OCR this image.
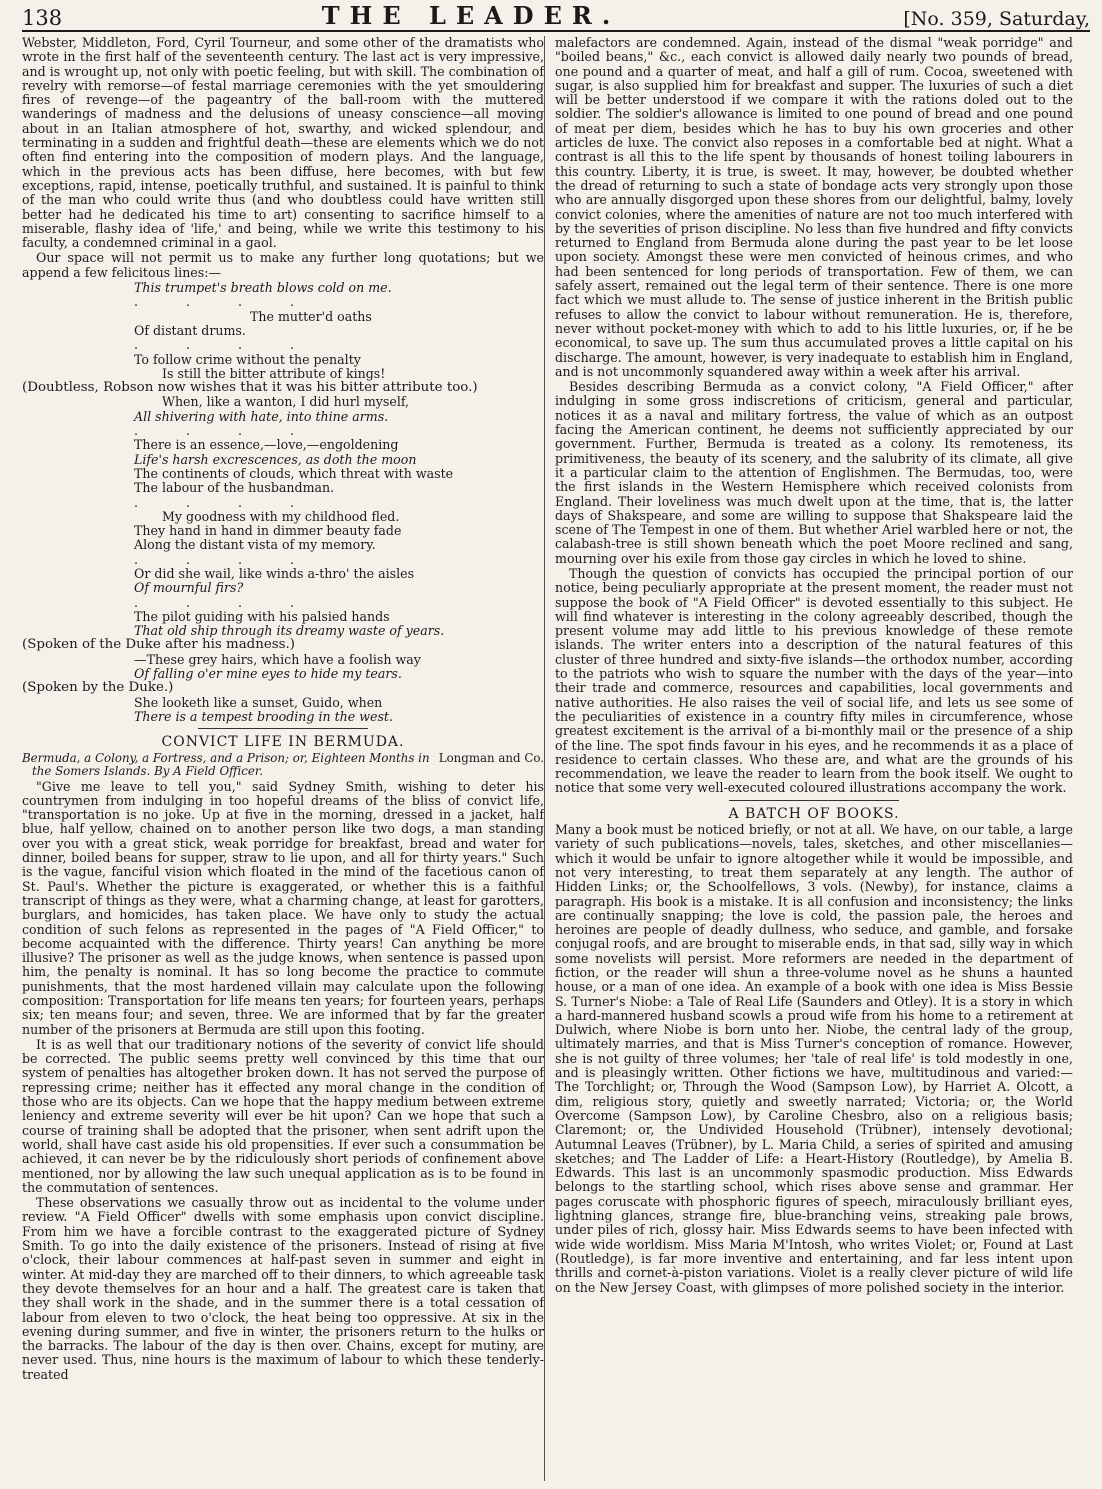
138	THE LEADER.	[No. 359, Saturday,

Webster, Middleton, Ford, Cyril Tourneur, and some other of the dramatists who wrote in the first half of the seventeenth century. The last act is very impressive, and is wrought up, not only with poetic feeling, but with skill. The combination of revelry with remorse—of festal marriage ceremonies with the yet smouldering fires of revenge—of the pageantry of the ball-room with the muttered wanderings of madness and the delusions of uneasy conscience—all moving about in an Italian atmosphere of hot, swarthy, and wicked splendour, and terminating in a sudden and frightful death—these are elements which we do not often find entering into the composition of modern plays. And the language, which in the previous acts has been diffuse, here becomes, with but few exceptions, rapid, intense, poetically truthful, and sustained. It is painful to think of the man who could write thus (and who doubtless could have written still better had he dedicated his time to art) consenting to sacrifice himself to a miserable, flashy idea of 'life,' and being, while we write this testimony to his faculty, a condemned criminal in a gaol.

Our space will not permit us to make any further long quotations; but we append a few felicitous lines:—

This trumpet's breath blows cold on me.
. . . .
The mutter'd oaths
Of distant drums.
. . . .
To follow crime without the penalty
Is still the bitter attribute of kings!
(Doubtless, Robson now wishes that it was his bitter attribute too.)
When, like a wanton, I did hurl myself,
All shivering with hate, into thine arms.
. . . .
There is an essence,—love,—engoldening
Life's harsh excrescences, as doth the moon
The continents of clouds, which threat with waste
The labour of the husbandman.
. . . .
My goodness with my childhood fled.
They hand in hand in dimmer beauty fade
Along the distant vista of my memory.
. . . .
Or did she wail, like winds a-thro' the aisles
Of mournful firs?
. . . .
The pilot guiding with his palsied hands
That old ship through its dreamy waste of years.
(Spoken of the Duke after his madness.)
—These grey hairs, which have a foolish way
Of falling o'er mine eyes to hide my tears.
(Spoken by the Duke.)
She looketh like a sunset, Guido, when
There is a tempest brooding in the west.
CONVICT LIFE IN BERMUDA.
Longman and Co.
Bermuda, a Colony, a Fortress, and a Prison; or, Eighteen Months in the Somers Islands. By A Field Officer.

"Give me leave to tell you," said Sydney Smith, wishing to deter his countrymen from indulging in too hopeful dreams of the bliss of convict life, "transportation is no joke. Up at five in the morning, dressed in a jacket, half blue, half yellow, chained on to another person like two dogs, a man standing over you with a great stick, weak porridge for breakfast, bread and water for dinner, boiled beans for supper, straw to lie upon, and all for thirty years." Such is the vague, fanciful vision which floated in the mind of the facetious canon of St. Paul's. Whether the picture is exaggerated, or whether this is a faithful transcript of things as they were, what a charming change, at least for garotters, burglars, and homicides, has taken place. We have only to study the actual condition of such felons as represented in the pages of "A Field Officer," to become acquainted with the difference. Thirty years! Can anything be more illusive? The prisoner as well as the judge knows, when sentence is passed upon him, the penalty is nominal. It has so long become the practice to commute punishments, that the most hardened villain may calculate upon the following composition: Transportation for life means ten years; for fourteen years, perhaps six; ten means four; and seven, three. We are informed that by far the greater number of the prisoners at Bermuda are still upon this footing.

It is as well that our traditionary notions of the severity of convict life should be corrected. The public seems pretty well convinced by this time that our system of penalties has altogether broken down. It has not served the purpose of repressing crime; neither has it effected any moral change in the condition of those who are its objects. Can we hope that the happy medium between extreme leniency and extreme severity will ever be hit upon? Can we hope that such a course of training shall be adopted that the prisoner, when sent adrift upon the world, shall have cast aside his old propensities. If ever such a consummation be achieved, it can never be by the ridiculously short periods of confinement above mentioned, nor by allowing the law such unequal application as is to be found in the commutation of sentences.

These observations we casually throw out as incidental to the volume under review. "A Field Officer" dwells with some emphasis upon convict discipline. From him we have a forcible contrast to the exaggerated picture of Sydney Smith. To go into the daily existence of the prisoners. Instead of rising at five o'clock, their labour commences at half-past seven in summer and eight in winter. At mid-day they are marched off to their dinners, to which agreeable task they devote themselves for an hour and a half. The greatest care is taken that they shall work in the shade, and in the summer there is a total cessation of labour from eleven to two o'clock, the heat being too oppressive. At six in the evening during summer, and five in winter, the prisoners return to the hulks or the barracks. The labour of the day is then over. Chains, except for mutiny, are never used. Thus, nine hours is the maximum of labour to which these tenderly-treated

malefactors are condemned. Again, instead of the dismal "weak porridge" and "boiled beans," &c., each convict is allowed daily nearly two pounds of bread, one pound and a quarter of meat, and half a gill of rum. Cocoa, sweetened with sugar, is also supplied him for breakfast and supper. The luxuries of such a diet will be better understood if we compare it with the rations doled out to the soldier. The soldier's allowance is limited to one pound of bread and one pound of meat per diem, besides which he has to buy his own groceries and other articles de luxe. The convict also reposes in a comfortable bed at night. What a contrast is all this to the life spent by thousands of honest toiling labourers in this country. Liberty, it is true, is sweet. It may, however, be doubted whether the dread of returning to such a state of bondage acts very strongly upon those who are annually disgorged upon these shores from our delightful, balmy, lovely convict colonies, where the amenities of nature are not too much interfered with by the severities of prison discipline. No less than five hundred and fifty convicts returned to England from Bermuda alone during the past year to be let loose upon society. Amongst these were men convicted of heinous crimes, and who had been sentenced for long periods of transportation. Few of them, we can safely assert, remained out the legal term of their sentence. There is one more fact which we must allude to. The sense of justice inherent in the British public refuses to allow the convict to labour without remuneration. He is, therefore, never without pocket-money with which to add to his little luxuries, or, if he be economical, to save up. The sum thus accumulated proves a little capital on his discharge. The amount, however, is very inadequate to establish him in England, and is not uncommonly squandered away within a week after his arrival.

Besides describing Bermuda as a convict colony, "A Field Officer," after indulging in some gross indiscretions of criticism, general and particular, notices it as a naval and military fortress, the value of which as an outpost facing the American continent, he deems not sufficiently appreciated by our government. Further, Bermuda is treated as a colony. Its remoteness, its primitiveness, the beauty of its scenery, and the salubrity of its climate, all give it a particular claim to the attention of Englishmen. The Bermudas, too, were the first islands in the Western Hemisphere which received colonists from England. Their loveliness was much dwelt upon at the time, that is, the latter days of Shakspeare, and some are willing to suppose that Shakspeare laid the scene of The Tempest in one of them. But whether Ariel warbled here or not, the calabash-tree is still shown beneath which the poet Moore reclined and sang, mourning over his exile from those gay circles in which he loved to shine.

Though the question of convicts has occupied the principal portion of our notice, being peculiarly appropriate at the present moment, the reader must not suppose the book of "A Field Officer" is devoted essentially to this subject. He will find whatever is interesting in the colony agreeably described, though the present volume may add little to his previous knowledge of these remote islands. The writer enters into a description of the natural features of this cluster of three hundred and sixty-five islands—the orthodox number, according to the patriots who wish to square the number with the days of the year—into their trade and commerce, resources and capabilities, local governments and native authorities. He also raises the veil of social life, and lets us see some of the peculiarities of existence in a country fifty miles in circumference, whose greatest excitement is the arrival of a bi-monthly mail or the presence of a ship of the line. The spot finds favour in his eyes, and he recommends it as a place of residence to certain classes. Who these are, and what are the grounds of his recommendation, we leave the reader to learn from the book itself. We ought to notice that some very well-executed coloured illustrations accompany the work.

A BATCH OF BOOKS.

Many a book must be noticed briefly, or not at all. We have, on our table, a large variety of such publications—novels, tales, sketches, and other miscellanies—which it would be unfair to ignore altogether while it would be impossible, and not very interesting, to treat them separately at any length. The author of Hidden Links; or, the Schoolfellows, 3 vols. (Newby), for instance, claims a paragraph. His book is a mistake. It is all confusion and inconsistency; the links are continually snapping; the love is cold, the passion pale, the heroes and heroines are people of deadly dullness, who seduce, and gamble, and forsake conjugal roofs, and are brought to miserable ends, in that sad, silly way in which some novelists will persist. More reformers are needed in the department of fiction, or the reader will shun a three-volume novel as he shuns a haunted house, or a man of one idea. An example of a book with one idea is Miss Bessie S. Turner's Niobe: a Tale of Real Life (Saunders and Otley). It is a story in which a hard-mannered husband scowls a proud wife from his home to a retirement at Dulwich, where Niobe is born unto her. Niobe, the central lady of the group, ultimately marries, and that is Miss Turner's conception of romance. However, she is not guilty of three volumes; her 'tale of real life' is told modestly in one, and is pleasingly written. Other fictions we have, multitudinous and varied:—The Torchlight; or, Through the Wood (Sampson Low), by Harriet A. Olcott, a dim, religious story, quietly and sweetly narrated; Victoria; or, the World Overcome (Sampson Low), by Caroline Chesbro, also on a religious basis; Claremont; or, the Undivided Household (Trübner), intensely devotional; Autumnal Leaves (Trübner), by L. Maria Child, a series of spirited and amusing sketches; and The Ladder of Life: a Heart-History (Routledge), by Amelia B. Edwards. This last is an uncommonly spasmodic production. Miss Edwards belongs to the startling school, which rises above sense and grammar. Her pages coruscate with phosphoric figures of speech, miraculously brilliant eyes, lightning glances, strange fire, blue-branching veins, streaking pale brows, under piles of rich, glossy hair. Miss Edwards seems to have been infected with wide wide worldism. Miss Maria M'Intosh, who writes Violet; or, Found at Last (Routledge), is far more inventive and entertaining, and far less intent upon thrills and cornet-à-piston variations. Violet is a really clever picture of wild life on the New Jersey Coast, with glimpses of more polished society in the interior.
